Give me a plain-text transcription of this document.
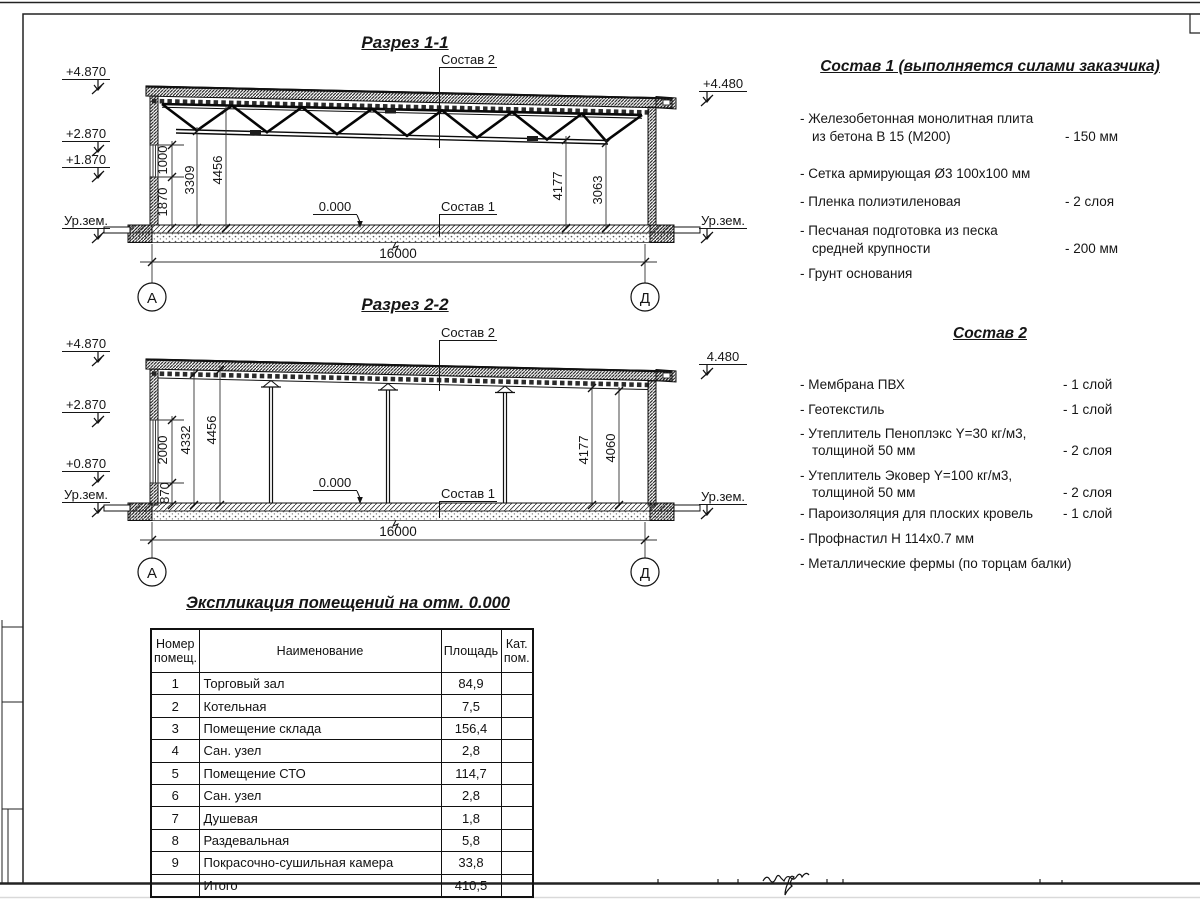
Разрез 1-1
+4.870
+2.870
+1.870
Ур.зем.
+4.480
Ур.зем.
Состав 2
0.000	Состав 1
1000
1870
3309 4456
4177 3063
16000
А	Д
Разрез 2-2
+4.870
+2.870
+0.870
Ур.зем.
4.480
Ур.зем.
Состав 2
0.000
Состав 1
2000
870
4332 4456
4177 4060
16000
А	Д
Состав 1 (выполняется силами заказчика)
- Железобетонная монолитная плита
из бетона В 15 (М200)	- 150 мм
- Сетка армирующая Ø3 100х100 мм
- Пленка полиэтиленовая	- 2 слоя
- Песчаная подготовка из песка
средней крупности	- 200 мм
- Грунт основания
Состав 2
- Мембрана ПВХ	- 1 слой
- Геотекстиль	- 1 слой
- Утеплитель Пеноплэкс Y=30 кг/м3,
толщиной 50 мм	- 2 слоя
- Утеплитель Эковер Y=100 кг/м3,
толщиной 50 мм	- 2 слоя
- Пароизоляция для плоских кровель - 1 слой
- Профнастил Н 114х0.7 мм
- Металлические фермы (по торцам балки)
Экспликация помещений на отм. 0.000
Номер помещ.	Наименование	Площадь	Кат. пом.
1	Торговый зал	84,9	
2	Котельная	7,5	
3	Помещение склада	156,4	
4	Сан. узел	2,8	
5	Помещение СТО	114,7	
6	Сан. узел	2,8	
7	Душевая	1,8	
8	Раздевальная	5,8	
9	Покрасочно-сушильная камера	33,8	
	Итого	410,5	
